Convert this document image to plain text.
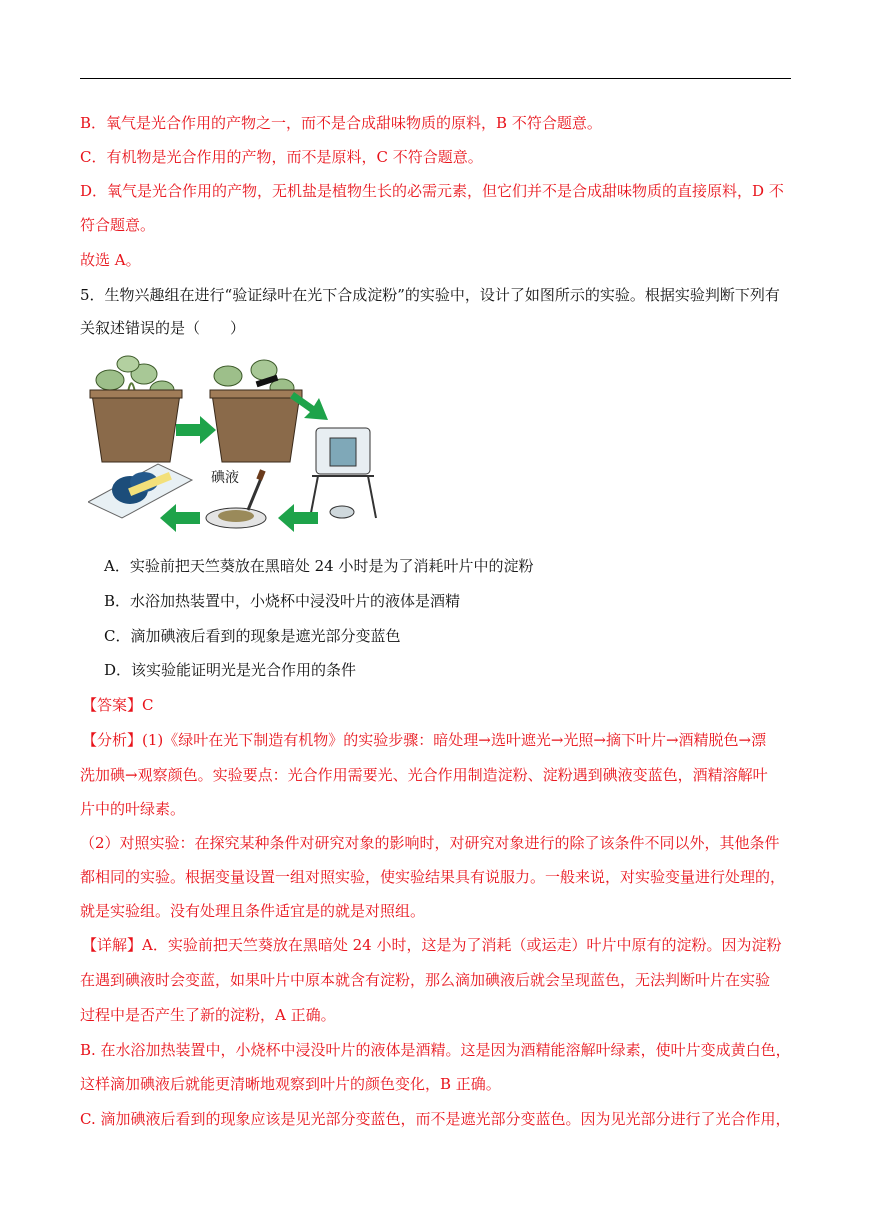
B．氧气是光合作用的产物之一，而不是合成甜味物质的原料，B 不符合题意。
C．有机物是光合作用的产物，而不是原料，C 不符合题意。
D．氧气是光合作用的产物，无机盐是植物生长的必需元素，但它们并不是合成甜味物质的直接原料，D 不
符合题意。
故选 A。
5．生物兴趣组在进行“验证绿叶在光下合成淀粉”的实验中，设计了如图所示的实验。根据实验判断下列有
关叙述错误的是（　　）
碘液
A．实验前把天竺葵放在黑暗处 24 小时是为了消耗叶片中的淀粉
B．水浴加热装置中，小烧杯中浸没叶片的液体是酒精
C．滴加碘液后看到的现象是遮光部分变蓝色
D．该实验能证明光是光合作用的条件
【答案】C
【分析】(1)《绿叶在光下制造有机物》的实验步骤：暗处理→选叶遮光→光照→摘下叶片→酒精脱色→漂
洗加碘→观察颜色。实验要点：光合作用需要光、光合作用制造淀粉、淀粉遇到碘液变蓝色，酒精溶解叶
片中的叶绿素。
（2）对照实验：在探究某种条件对研究对象的影响时，对研究对象进行的除了该条件不同以外，其他条件
都相同的实验。根据变量设置一组对照实验，使实验结果具有说服力。一般来说，对实验变量进行处理的，
就是实验组。没有处理且条件适宜是的就是对照组。
【详解】A．实验前把天竺葵放在黑暗处 24 小时，这是为了消耗（或运走）叶片中原有的淀粉。因为淀粉
在遇到碘液时会变蓝，如果叶片中原本就含有淀粉，那么滴加碘液后就会呈现蓝色，无法判断叶片在实验
过程中是否产生了新的淀粉，A 正确。
B. 在水浴加热装置中，小烧杯中浸没叶片的液体是酒精。这是因为酒精能溶解叶绿素，使叶片变成黄白色，
这样滴加碘液后就能更清晰地观察到叶片的颜色变化，B 正确。
C. 滴加碘液后看到的现象应该是见光部分变蓝色，而不是遮光部分变蓝色。因为见光部分进行了光合作用，
